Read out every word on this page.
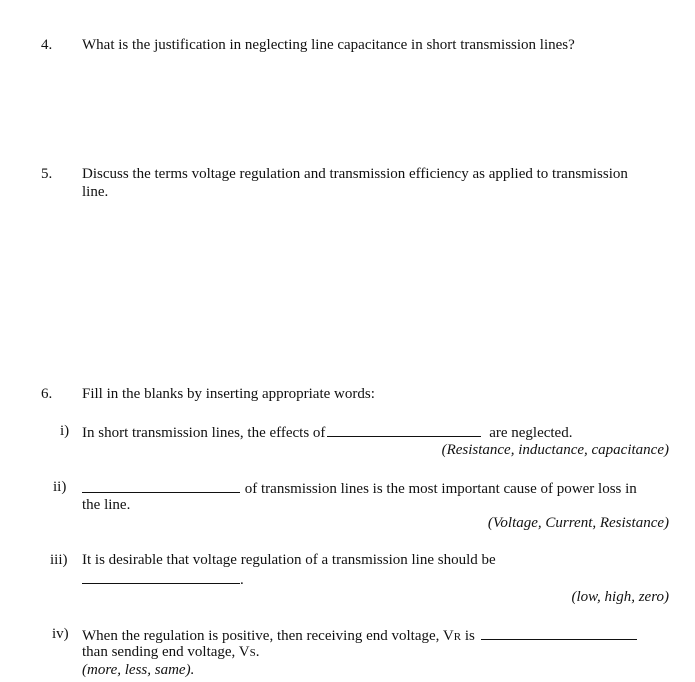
4. What is the justification in neglecting line capacitance in short transmission lines?
5. Discuss the terms voltage regulation and transmission efficiency as applied to transmission
line.
6. Fill in the blanks by inserting appropriate words:
i) In short transmission lines, the effects of	are neglected.
(Resistance, inductance, capacitance)
ii)	of transmission lines is the most important cause of power loss in
the line.
(Voltage, Current, Resistance)
iii) It is desirable that voltage regulation of a transmission line should be
.
(low, high, zero)
iv) When the regulation is positive, then receiving end voltage, VR is
than sending end voltage, VS.
(more, less, same).
